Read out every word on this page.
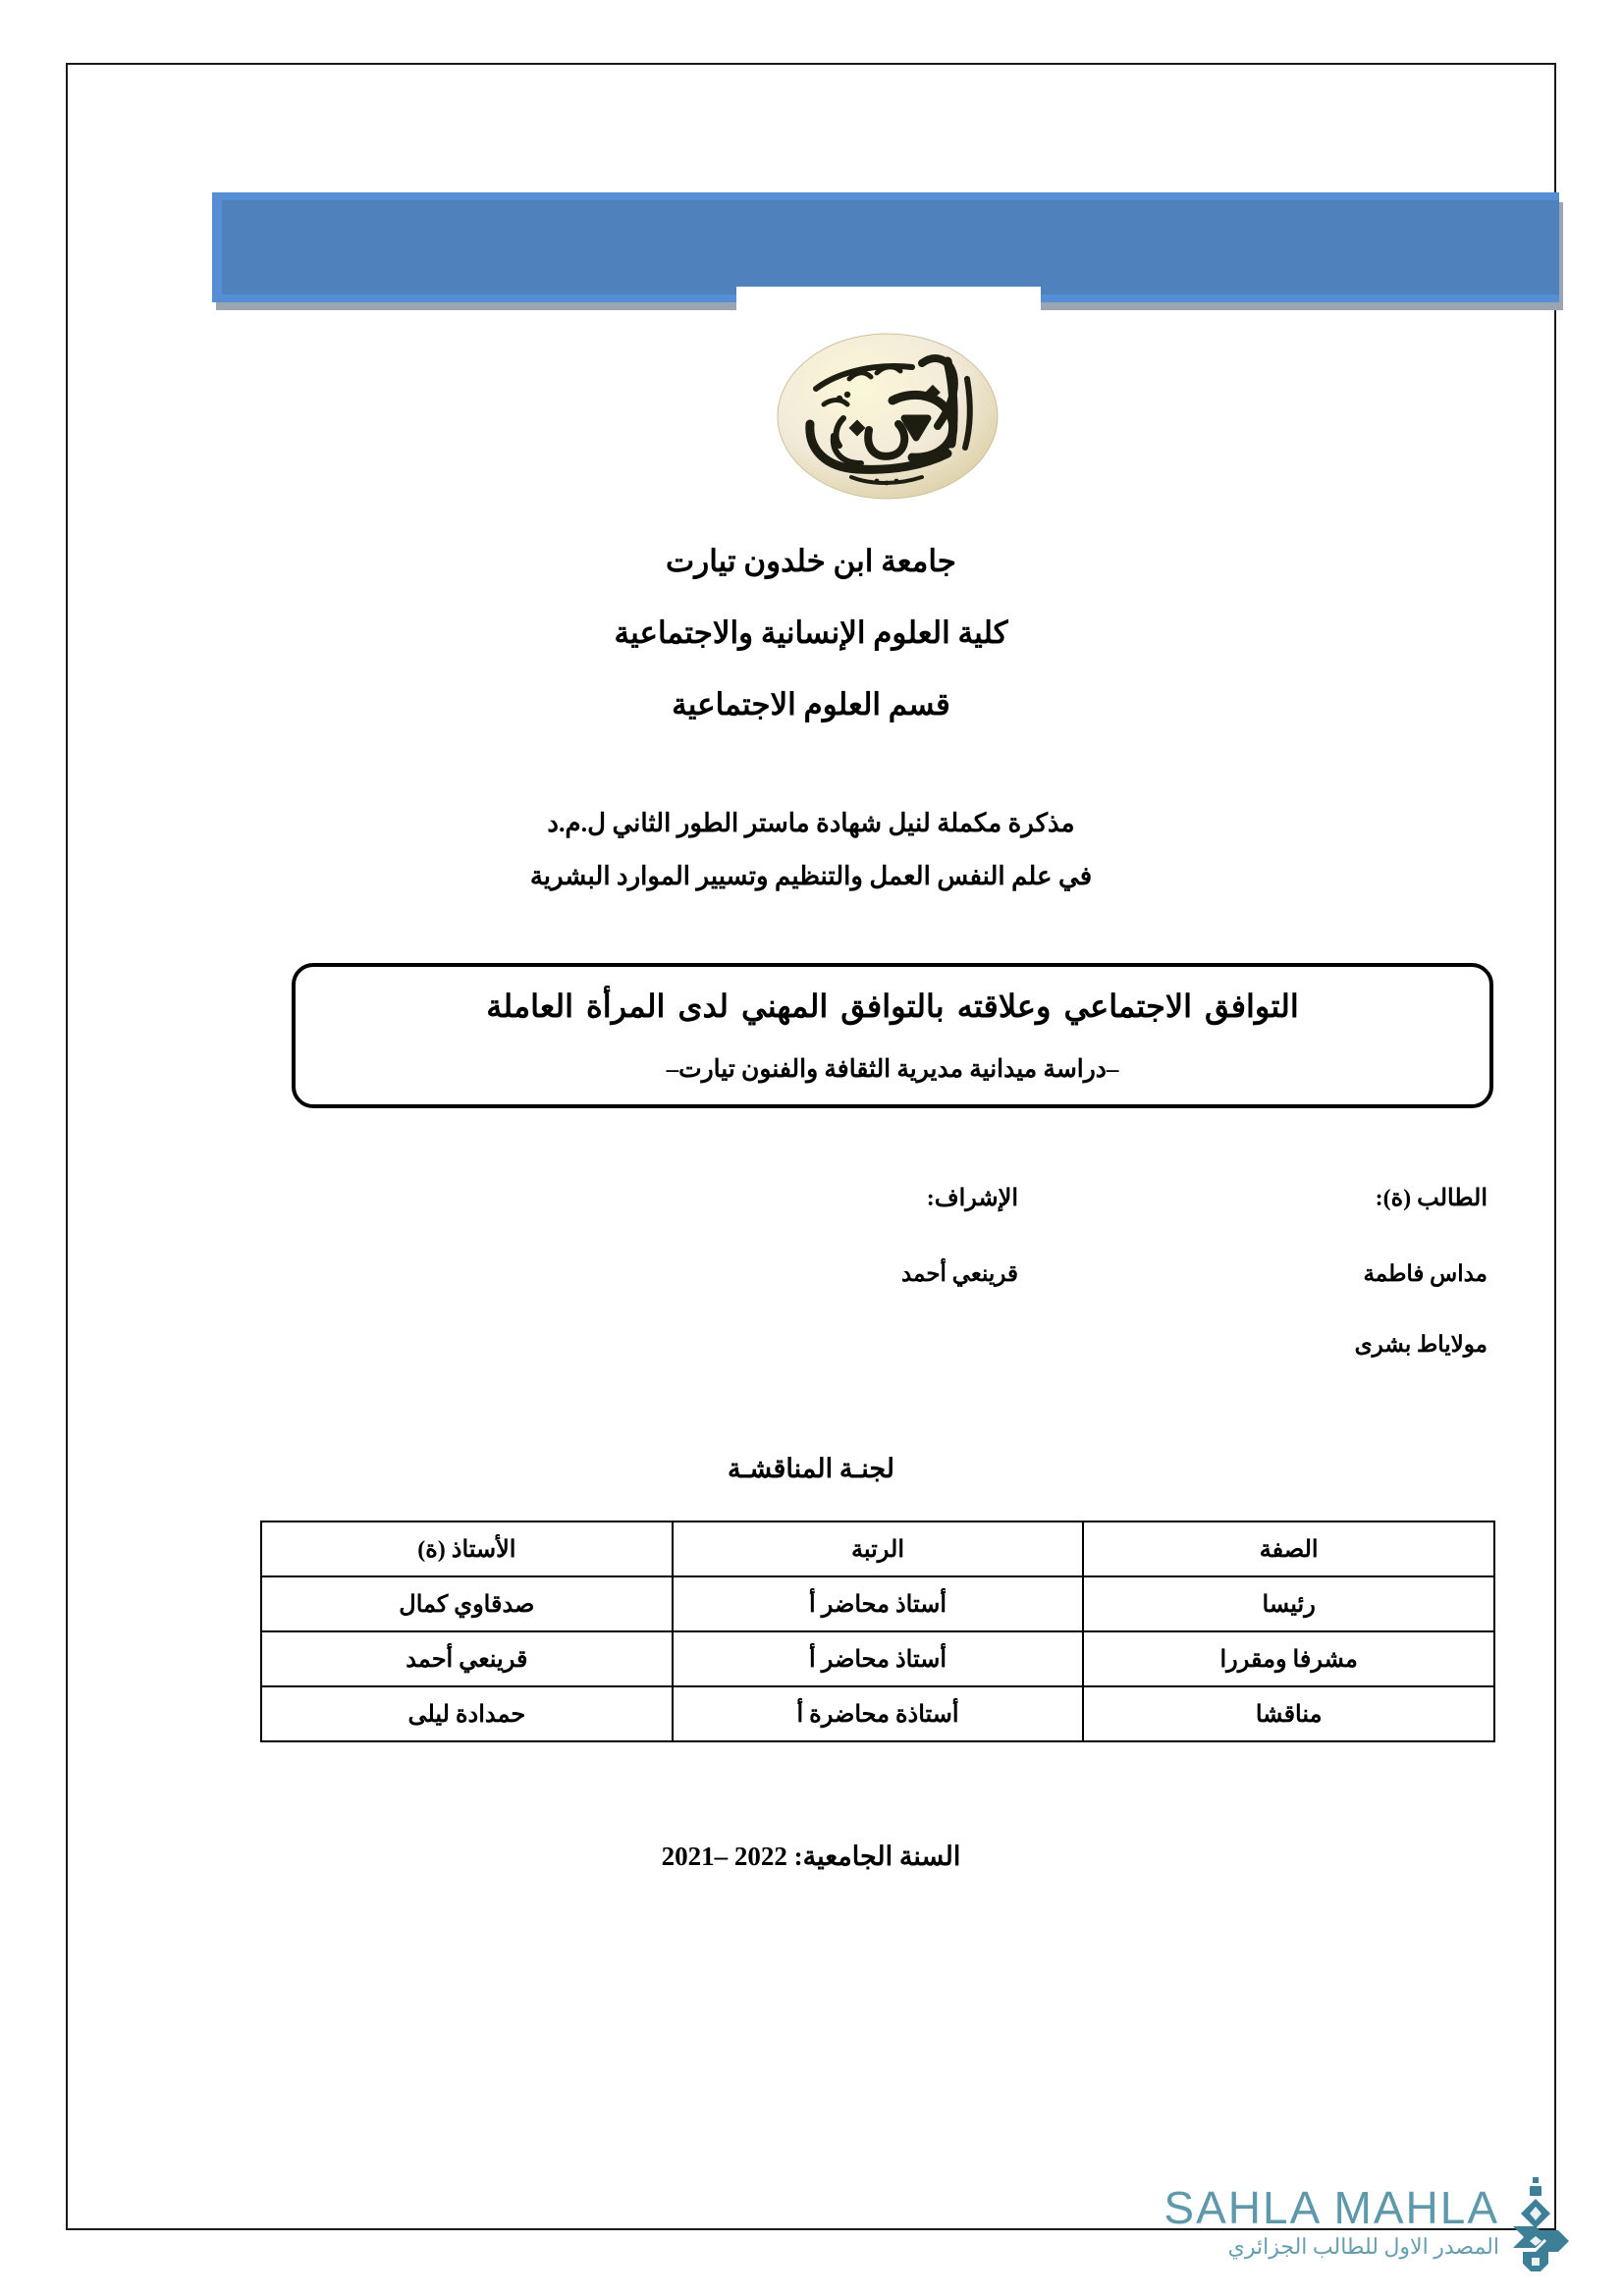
جامعة ابن خلدون تيارت

كلية العلوم الإنسانية والاجتماعية

قسم العلوم الاجتماعية

مذكرة مكملة لنيل شهادة ماستر الطور الثاني ل.م.د

في علم النفس العمل والتنظيم وتسيير الموارد البشرية

التوافق الاجتماعي وعلاقته بالتوافق المهني لدى المرأة العاملة

–دراسة ميدانية مديرية الثقافة والفنون تيارت–

الطالب (ة):

مداس فاطمة

مولاياط بشرى

الإشراف:

قرينعي أحمد

لجنـة المناقشـة
الصفة	الرتبة	الأستاذ (ة)
رئيسا	أستاذ محاضر أ	صدقاوي كمال
مشرفا ومقررا	أستاذ محاضر أ	قرينعي أحمد
مناقشا	أستاذة محاضرة أ	حمدادة ليلى
السنة الجامعية: 2022 –2021
SAHLA MAHLA
المصدر الاول للطالب الجزائري
